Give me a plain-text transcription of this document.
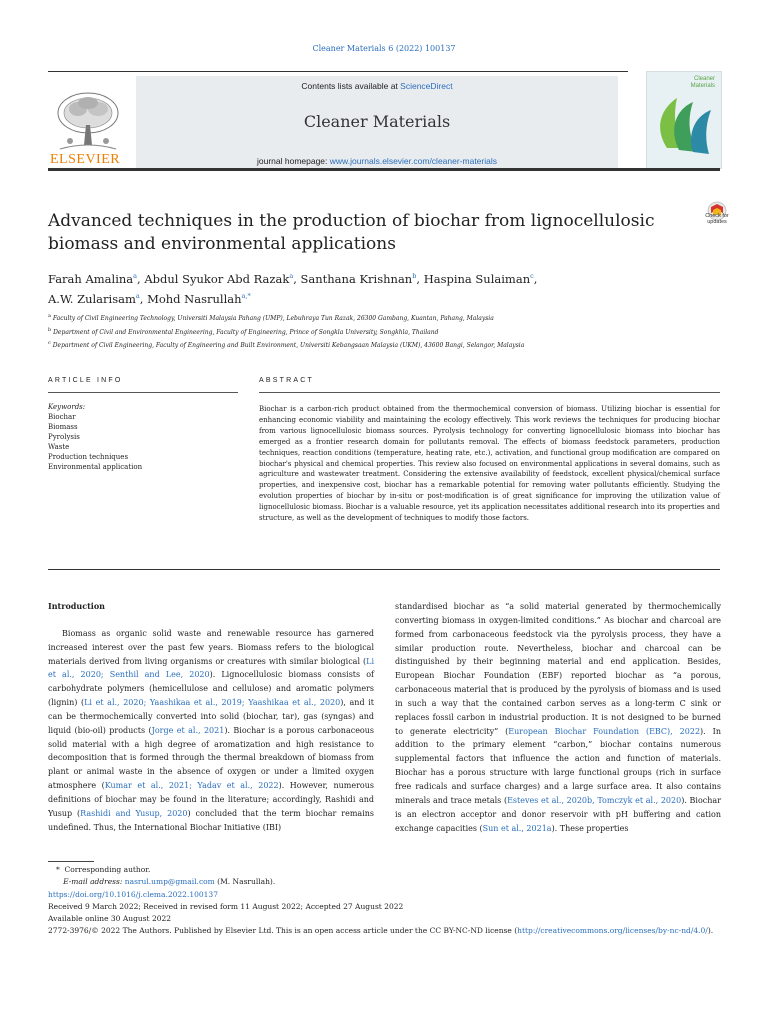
Cleaner Materials 6 (2022) 100137
ELSEVIER
Contents lists available at ScienceDirect
Cleaner Materials
journal homepage: www.journals.elsevier.com/cleaner-materials
Cleaner
Materials
Check for
updates
Advanced techniques in the production of biochar from lignocellulosic
biomass and environmental applications
Farah Amalina$^a$, Abdul Syukor Abd Razak$^a$, Santhana Krishnan$^b$, Haspina Sulaiman$^c$,
A.W. Zularisam$^a$, Mohd Nasrullah$^{a,*}$
$^a$ Faculty of Civil Engineering Technology, Universiti Malaysia Pahang (UMP), Lebuhraya Tun Razak, 26300 Gambang, Kuantan, Pahang, Malaysia
$^b$ Department of Civil and Environmental Engineering, Faculty of Engineering, Prince of Songkla University, Songkhla, Thailand
$^c$ Department of Civil Engineering, Faculty of Engineering and Built Environment, Universiti Kebangsaan Malaysia (UKM), 43600 Bangi, Selangor, Malaysia
ARTICLE INFO	ABSTRACT
Keywords:
Biochar
Biomass
Pyrolysis
Waste
Production techniques
Environmental application
Biochar is a carbon-rich product obtained from the thermochemical conversion of biomass. Utilizing biochar is essential for enhancing economic viability and maintaining the ecology effectively. This work reviews the techniques for producing biochar from various lignocellulosic biomass sources. Pyrolysis technology for converting lignocellulosic biomass into biochar has emerged as a frontier research domain for pollutants removal. The effects of biomass feedstock parameters, production techniques, reaction conditions (temperature, heating rate, etc.), activation, and functional group modification are compared on biochar's physical and chemical properties. This review also focused on environmental applications in several domains, such as agriculture and wastewater treatment. Considering the extensive availability of feedstock, excellent physical/chemical surface properties, and inexpensive cost, biochar has a remarkable potential for removing water pollutants efficiently. Studying the evolution properties of biochar by in-situ or post-modification is of great significance for improving the utilization value of lignocellulosic biomass. Biochar is a valuable resource, yet its application necessitates additional research into its properties and structure, as well as the development of techniques to modify those factors.

Introduction

Biomass as organic solid waste and renewable resource has garnered increased interest over the past few years. Biomass refers to the biological materials derived from living organisms or creatures with similar biological (Li et al., 2020; Senthil and Lee, 2020). Lignocellulosic biomass consists of carbohydrate polymers (hemicellulose and cellulose) and aromatic polymers (lignin) (Li et al., 2020; Yaashikaa et al., 2019; Yaashikaa et al., 2020), and it can be thermochemically converted into solid (biochar, tar), gas (syngas) and liquid (bio-oil) products (Jorge et al., 2021). Biochar is a porous carbonaceous solid material with a high degree of aromatization and high resistance to decomposition that is formed through the thermal breakdown of biomass from plant or animal waste in the absence of oxygen or under a limited oxygen atmosphere (Kumar et al., 2021; Yadav et al., 2022). However, numerous definitions of biochar may be found in the literature; accordingly, Rashidi and Yusup (Rashidi and Yusup, 2020) concluded that the term biochar remains undefined. Thus, the International Biochar Initiative (IBI)

standardised biochar as “a solid material generated by thermochemically converting biomass in oxygen-limited conditions.” As biochar and charcoal are formed from carbonaceous feedstock via the pyrolysis process, they have a similar production route. Nevertheless, biochar and charcoal can be distinguished by their beginning material and end application. Besides, European Biochar Foundation (EBF) reported biochar as “a porous, carbonaceous material that is produced by the pyrolysis of biomass and is used in such a way that the contained carbon serves as a long-term C sink or replaces fossil carbon in industrial production. It is not designed to be burned to generate electricity” (European Biochar Foundation (EBC), 2022). In addition to the primary element “carbon,” biochar contains numerous supplemental factors that influence the action and function of materials. Biochar has a porous structure with large functional groups (rich in surface free radicals and surface charges) and a large surface area. It also contains minerals and trace metals (Esteves et al., 2020b, Tomczyk et al., 2020). Biochar is an electron acceptor and donor reservoir with pH buffering and cation exchange capacities (Sun et al., 2021a). These properties

* Corresponding author.

E-mail address: nasrul.ump@gmail.com (M. Nasrullah).

https://doi.org/10.1016/j.clema.2022.100137

Received 9 March 2022; Received in revised form 11 August 2022; Accepted 27 August 2022

Available online 30 August 2022

2772-3976/© 2022 The Authors. Published by Elsevier Ltd. This is an open access article under the CC BY-NC-ND license (http://creativecommons.org/licenses/by-nc-nd/4.0/).
